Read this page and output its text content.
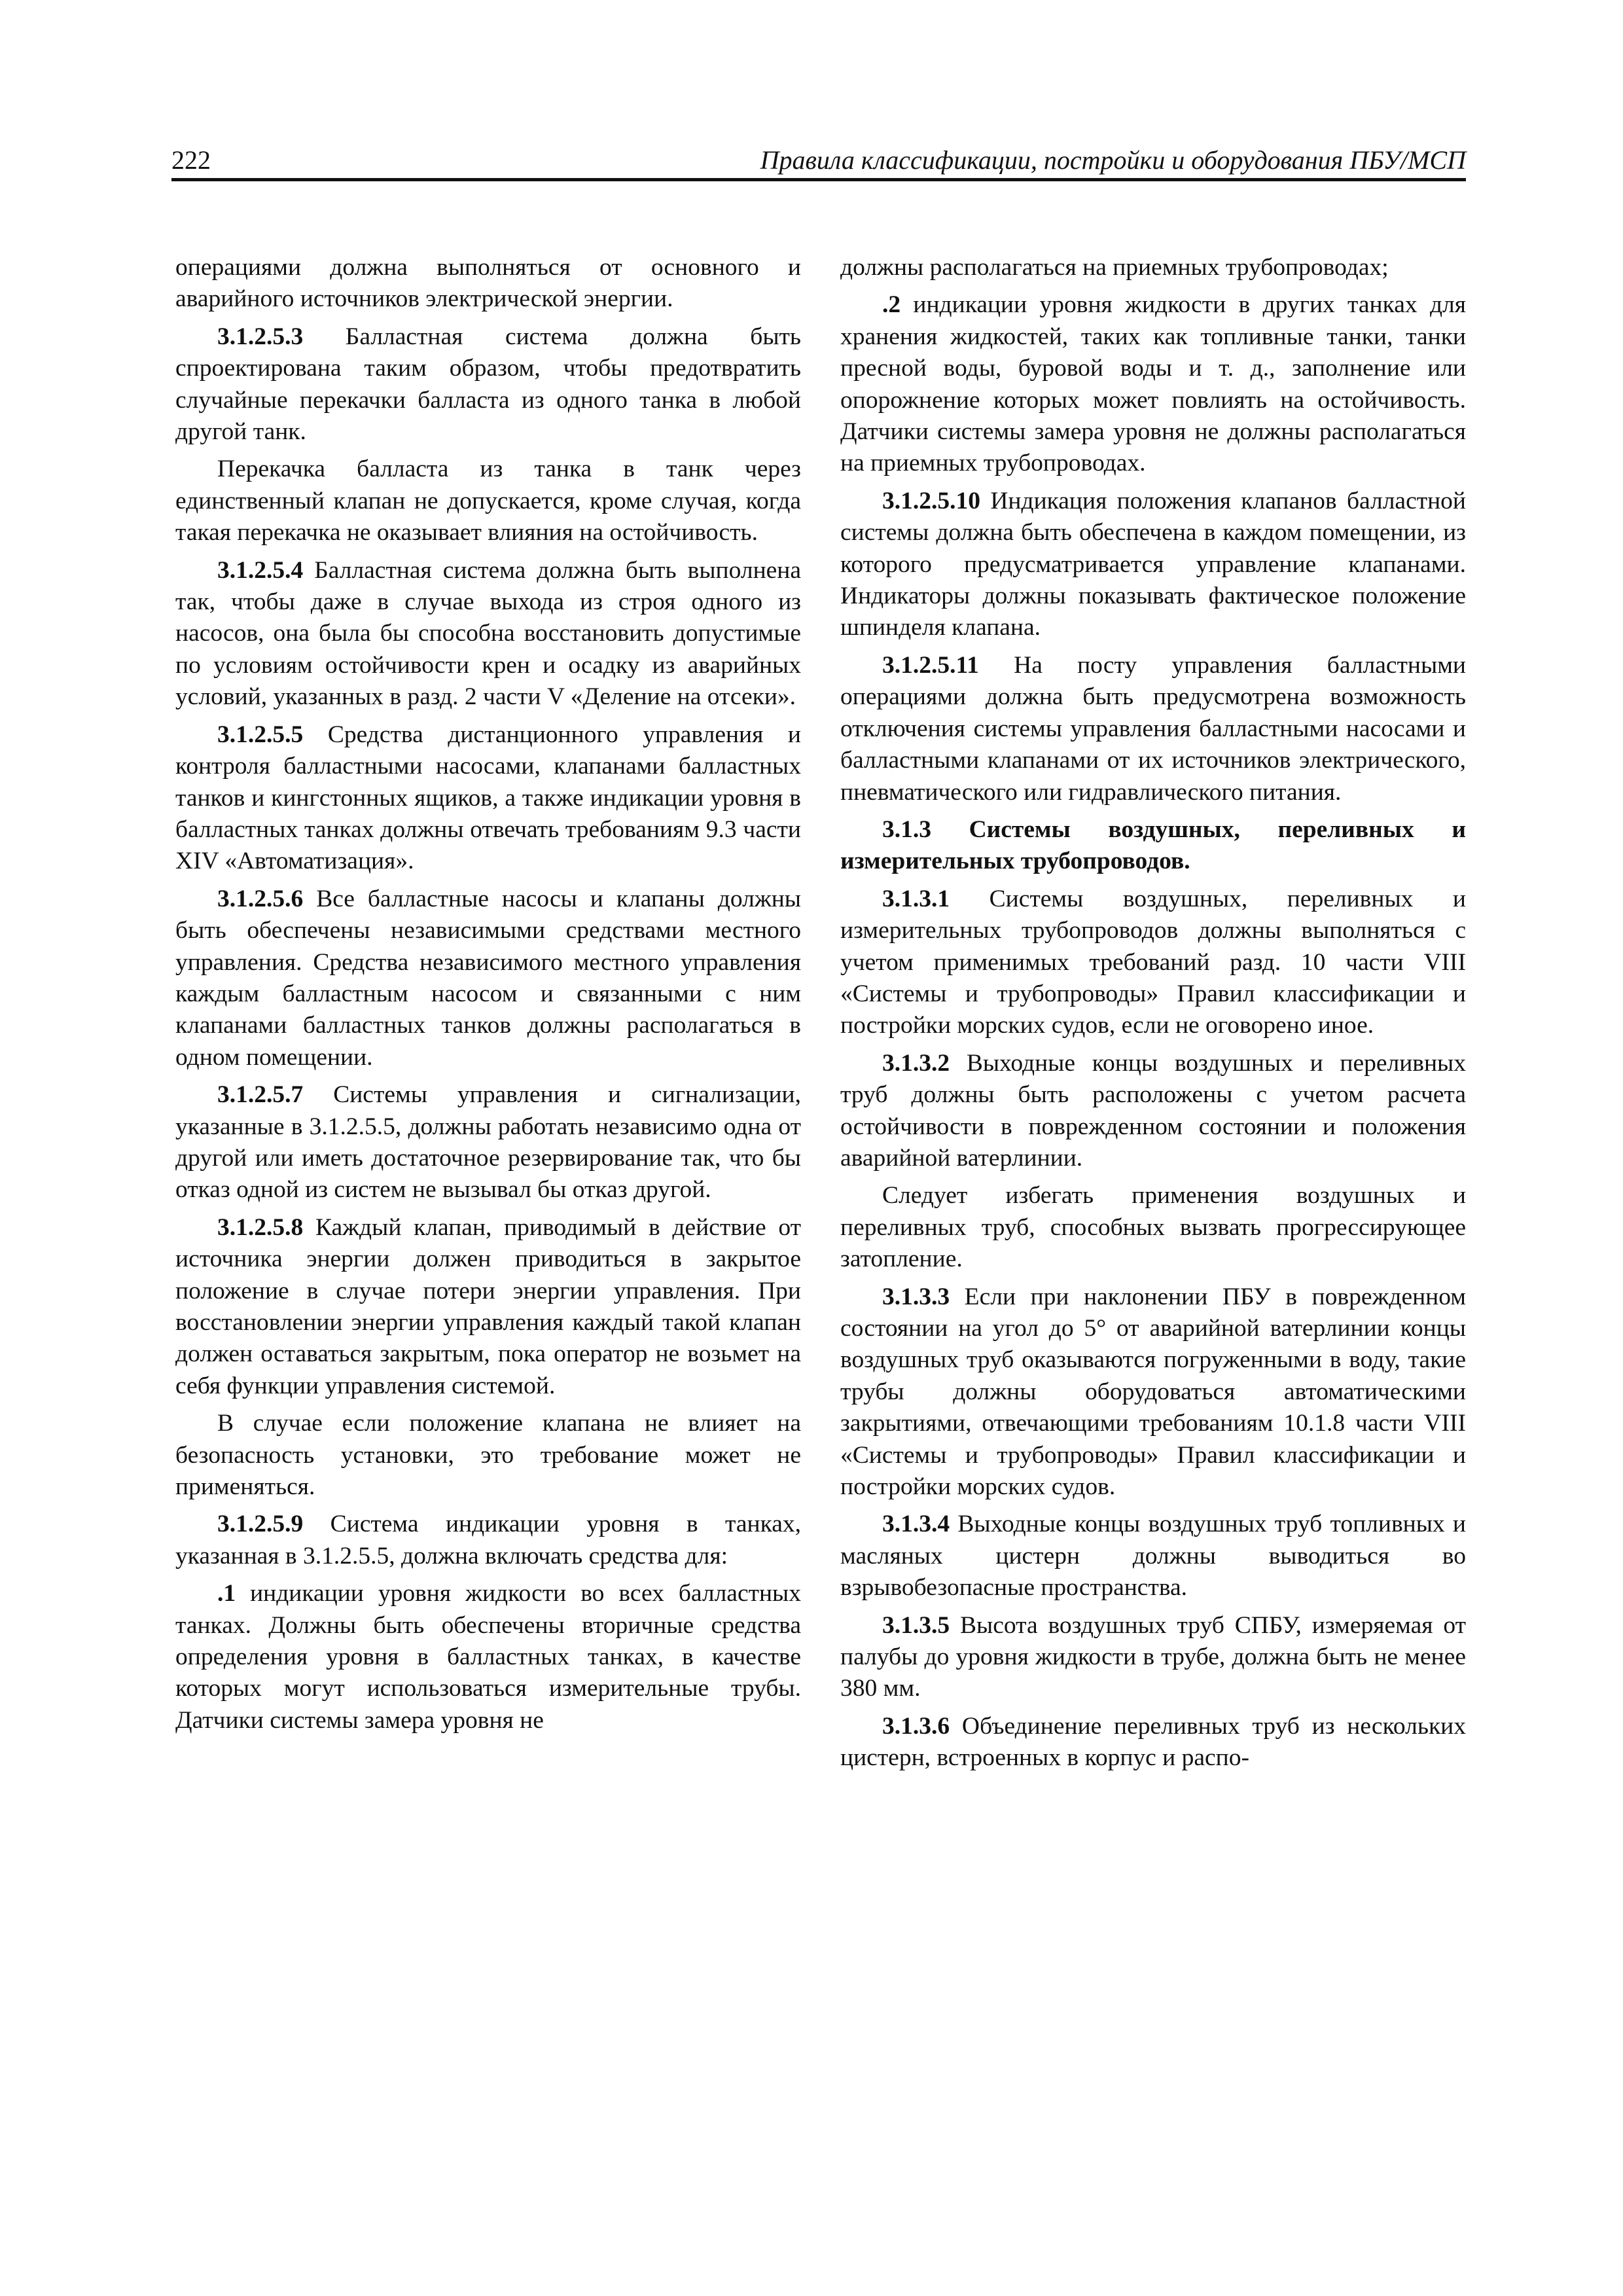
222	Правила классификации, постройки и оборудования ПБУ/МСП

операциями должна выполняться от основного и аварийного источников электрической энергии.

3.1.2.5.3 Балластная система должна быть спроектирована таким образом, чтобы предотвратить случайные перекачки балласта из одного танка в любой другой танк.

Перекачка балласта из танка в танк через единственный клапан не допускается, кроме случая, когда такая перекачка не оказывает влияния на остойчивость.

3.1.2.5.4 Балластная система должна быть выполнена так, чтобы даже в случае выхода из строя одного из насосов, она была бы способна восстановить допустимые по условиям остойчивости крен и осадку из аварийных условий, указанных в разд. 2 части V «Деление на отсеки».

3.1.2.5.5 Средства дистанционного управления и контроля балластными насосами, клапанами балластных танков и кингстонных ящиков, а также индикации уровня в балластных танках должны отвечать требованиям 9.3 части XIV «Автоматизация».

3.1.2.5.6 Все балластные насосы и клапаны должны быть обеспечены независимыми средствами местного управления. Средства независимого местного управления каждым балластным насосом и связанными с ним клапанами балластных танков должны располагаться в одном помещении.

3.1.2.5.7 Системы управления и сигнализации, указанные в 3.1.2.5.5, должны работать независимо одна от другой или иметь достаточное резервирование так, что бы отказ одной из систем не вызывал бы отказ другой.

3.1.2.5.8 Каждый клапан, приводимый в действие от источника энергии должен приводиться в закрытое положение в случае потери энергии управления. При восстановлении энергии управления каждый такой клапан должен оставаться закрытым, пока оператор не возьмет на себя функции управления системой.

В случае если положение клапана не влияет на безопасность установки, это требование может не применяться.

3.1.2.5.9 Система индикации уровня в танках, указанная в 3.1.2.5.5, должна включать средства для:

.1 индикации уровня жидкости во всех балластных танках. Должны быть обеспечены вторичные средства определения уровня в балластных танках, в качестве которых могут использоваться измерительные трубы. Датчики системы замера уровня не

должны располагаться на приемных трубопроводах;

.2 индикации уровня жидкости в других танках для хранения жидкостей, таких как топливные танки, танки пресной воды, буровой воды и т. д., заполнение или опорожнение которых может повлиять на остойчивость. Датчики системы замера уровня не должны располагаться на приемных трубопроводах.

3.1.2.5.10 Индикация положения клапанов балластной системы должна быть обеспечена в каждом помещении, из которого предусматривается управление клапанами. Индикаторы должны показывать фактическое положение шпинделя клапана.

3.1.2.5.11 На посту управления балластными операциями должна быть предусмотрена возможность отключения системы управления балластными насосами и балластными клапанами от их источников электрического, пневматического или гидравлического питания.

3.1.3 Системы воздушных, переливных и измерительных трубопроводов.

3.1.3.1 Системы воздушных, переливных и измерительных трубопроводов должны выполняться с учетом применимых требований разд. 10 части VIII «Системы и трубопроводы» Правил классификации и постройки морских судов, если не оговорено иное.

3.1.3.2 Выходные концы воздушных и переливных труб должны быть расположены с учетом расчета остойчивости в поврежденном состоянии и положения аварийной ватерлинии.

Следует избегать применения воздушных и переливных труб, способных вызвать прогрессирующее затопление.

3.1.3.3 Если при наклонении ПБУ в поврежденном состоянии на угол до 5° от аварийной ватерлинии концы воздушных труб оказываются погруженными в воду, такие трубы должны оборудоваться автоматическими закрытиями, отвечающими требованиям 10.1.8 части VIII «Системы и трубопроводы» Правил классификации и постройки морских судов.

3.1.3.4 Выходные концы воздушных труб топливных и масляных цистерн должны выводиться во взрывобезопасные пространства.

3.1.3.5 Высота воздушных труб СПБУ, измеряемая от палубы до уровня жидкости в трубе, должна быть не менее 380 мм.

3.1.3.6 Объединение переливных труб из нескольких цистерн, встроенных в корпус и распо-
